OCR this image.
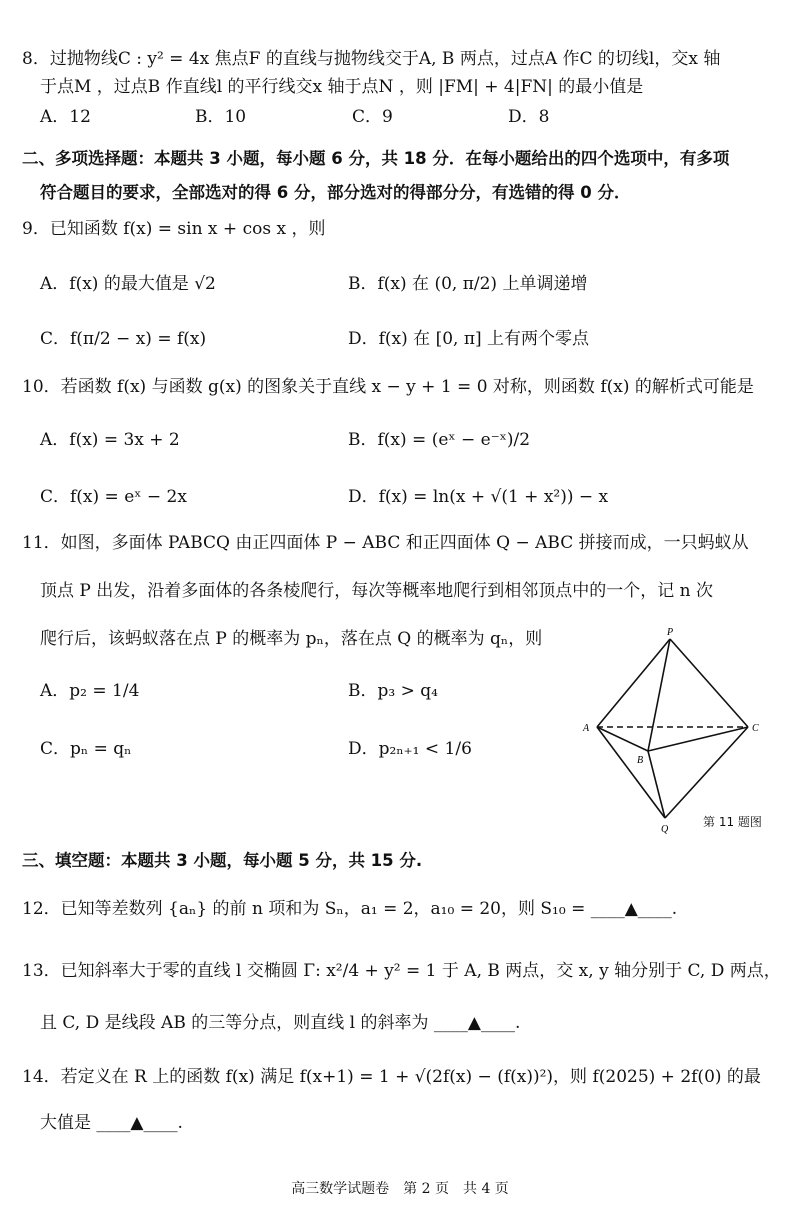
8．过抛物线C : y² = 4x 焦点F 的直线与抛物线交于A, B 两点，过点A 作C 的切线l，交x 轴
于点M ，过点B 作直线l 的平行线交x 轴于点N ，则 |FM| + 4|FN| 的最小值是
A．12	B．10	C．9	D．8
二、多项选择题：本题共 3 小题，每小题 6 分，共 18 分．在每小题给出的四个选项中，有多项
符合题目的要求，全部选对的得 6 分，部分选对的得部分分，有选错的得 0 分．
9．已知函数 f(x) = sin x + cos x ，则
A．f(x) 的最大值是 √2	B．f(x) 在 (0, π/2) 上单调递增
C．f(π/2 − x) = f(x)	D．f(x) 在 [0, π] 上有两个零点
10．若函数 f(x) 与函数 g(x) 的图象关于直线 x − y + 1 = 0 对称，则函数 f(x) 的解析式可能是
A．f(x) = 3x + 2	B．f(x) = (eˣ − e⁻ˣ)/2
C．f(x) = eˣ − 2x	D．f(x) = ln(x + √(1 + x²)) − x
11．如图，多面体 PABCQ 由正四面体 P − ABC 和正四面体 Q − ABC 拼接而成，一只蚂蚁从
顶点 P 出发，沿着多面体的各条棱爬行，每次等概率地爬行到相邻顶点中的一个，记 n 次
爬行后，该蚂蚁落在点 P 的概率为 pₙ，落在点 Q 的概率为 qₙ，则
A．p₂ = 1/4	B．p₃ > q₄
C．pₙ = qₙ	D．p₂ₙ₊₁ < 1/6
P
A	C
B
Q
第 11 题图
三、填空题：本题共 3 小题，每小题 5 分，共 15 分.
12．已知等差数列 {aₙ} 的前 n 项和为 Sₙ，a₁ = 2，a₁₀ = 20，则 S₁₀ = ____▲____.
13．已知斜率大于零的直线 l 交椭圆 Γ: x²/4 + y² = 1 于 A, B 两点，交 x, y 轴分别于 C, D 两点，
且 C, D 是线段 AB 的三等分点，则直线 l 的斜率为 ____▲____.
14．若定义在 R 上的函数 f(x) 满足 f(x+1) = 1 + √(2f(x) − (f(x))²)，则 f(2025) + 2f(0) 的最
大值是 ____▲____.
高三数学试题卷　第 2 页　共 4 页
